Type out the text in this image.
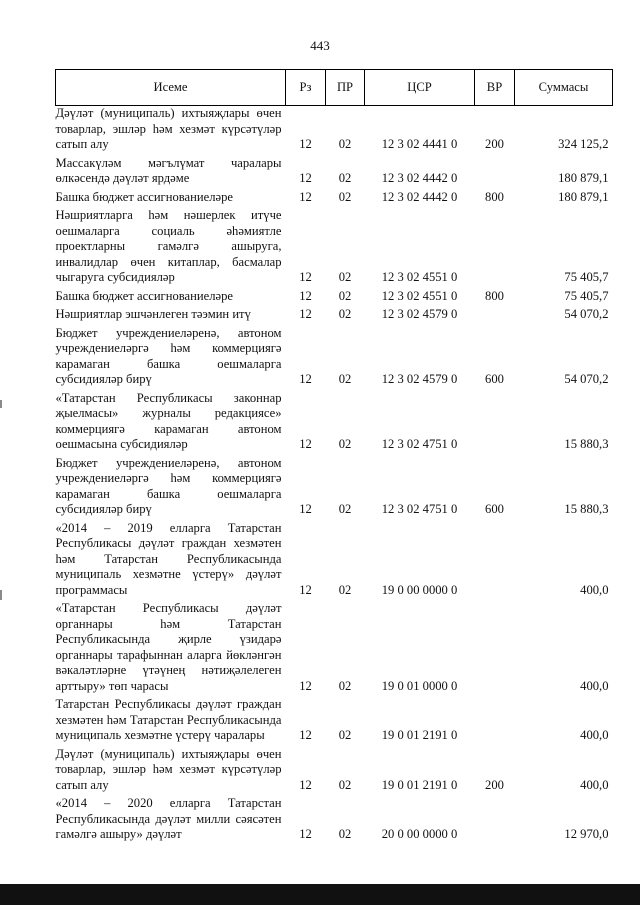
443
Исеме	Рз	ПР	ЦСР	ВР	Суммасы
Дәүләт (муниципаль) ихтыяҗлары өчен товарлар, эшләр һәм хезмәт күрсәтүләр сатып алу	12	02	12 3 02 4441 0	200	324 125,2
Массакүләм мәгълүмат чаралары өлкәсендә дәүләт ярдәме	12	02	12 3 02 4442 0		180 879,1
Башка бюджет ассигнованиеләре	12	02	12 3 02 4442 0	800	180 879,1
Нәшриятларга һәм нәшерлек итүче оешмаларга социаль әһәмиятле проектларны гамәлгә ашыруга, инвалидлар өчен китаплар, басмалар чыгаруга субсидияләр	12	02	12 3 02 4551 0		75 405,7
Башка бюджет ассигнованиеләре	12	02	12 3 02 4551 0	800	75 405,7
Нәшриятлар эшчәнлеген тәэмин итү	12	02	12 3 02 4579 0		54 070,2
Бюджет учреждениеләренә, автоном учреждениеләргә һәм коммерциягә карамаган башка оешмаларга субсидияләр бирү	12	02	12 3 02 4579 0	600	54 070,2
«Татарстан Республикасы законнар җыелмасы» журналы редакциясе» коммерциягә карамаган автоном оешмасына субсидияләр	12	02	12 3 02 4751 0		15 880,3
Бюджет учреждениеләренә, автоном учреждениеләргә һәм коммерциягә карамаган башка оешмаларга субсидияләр бирү	12	02	12 3 02 4751 0	600	15 880,3
«2014 – 2019 елларга Татарстан Республикасы дәүләт граждан хезмәтен һәм Татарстан Республикасында муниципаль хезмәтне үстерү» дәүләт программасы	12	02	19 0 00 0000 0		400,0
«Татарстан Республикасы дәүләт органнары һәм Татарстан Республикасында җирле үзидарә органнары тарафыннан аларга йөкләнгән вәкаләтләрне үтәүнең нәтиҗәлелеген арттыру» төп чарасы	12	02	19 0 01 0000 0		400,0
Татарстан Республикасы дәүләт граждан хезмәтен һәм Татарстан Республикасында муниципаль хезмәтне үстерү чаралары	12	02	19 0 01 2191 0		400,0
Дәүләт (муниципаль) ихтыяҗлары өчен товарлар, эшләр һәм хезмәт күрсәтүләр сатып алу	12	02	19 0 01 2191 0	200	400,0
«2014 – 2020 елларга Татарстан Республикасында дәүләт милли сәясәтен гамәлгә ашыру» дәүләт	12	02	20 0 00 0000 0		12 970,0
